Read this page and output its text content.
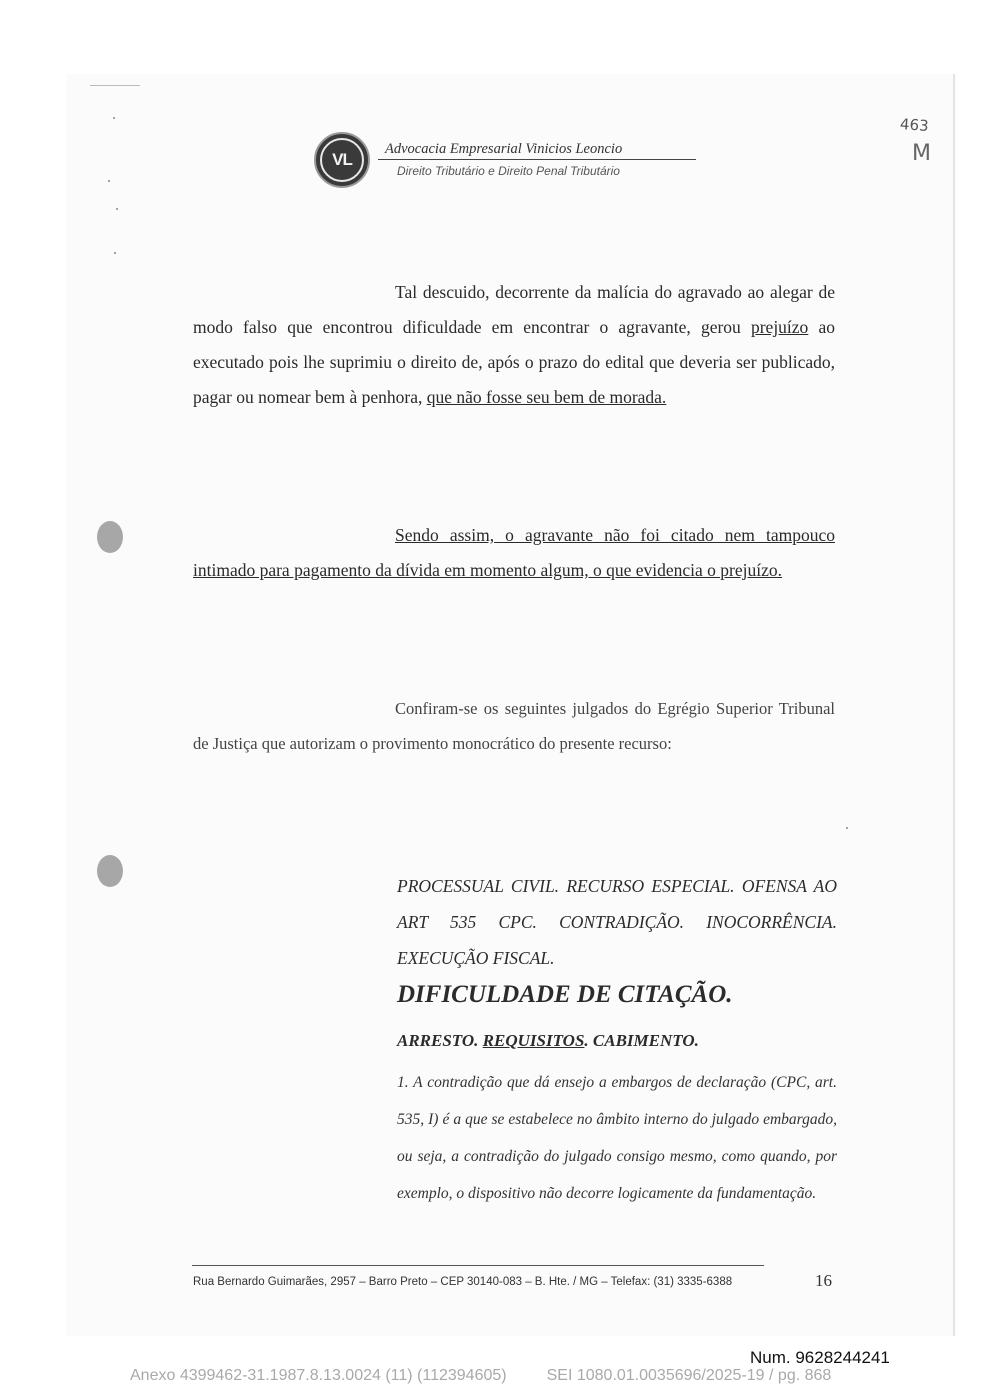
VL
Advocacia Empresarial Vinicios Leoncio
Direito Tributário e Direito Penal Tributário
463
M

Tal descuido, decorrente da malícia do agravado ao alegar de modo falso que encontrou dificuldade em encontrar o agravante, gerou prejuízo ao executado pois lhe suprimiu o direito de, após o prazo do edital que deveria ser publicado, pagar ou nomear bem à penhora, que não fosse seu bem de morada.

Sendo assim, o agravante não foi citado nem tampouco intimado para pagamento da dívida em momento algum, o que evidencia o prejuízo.

Confiram-se os seguintes julgados do Egrégio Superior Tribunal de Justiça que autorizam o provimento monocrático do presente recurso:

PROCESSUAL CIVIL. RECURSO ESPECIAL. OFENSA AO ART 535 CPC. CONTRADIÇÃO. INOCORRÊNCIA. EXECUÇÃO FISCAL.

DIFICULDADE DE CITAÇÃO.

ARRESTO. REQUISITOS. CABIMENTO.

1. A contradição que dá ensejo a embargos de declaração (CPC, art. 535, I) é a que se estabelece no âmbito interno do julgado embargado, ou seja, a contradição do julgado consigo mesmo, como quando, por exemplo, o dispositivo não decorre logicamente da fundamentação.

Rua Bernardo Guimarães, 2957 – Barro Preto – CEP 30140-083 – B. Hte. / MG – Telefax: (31) 3335-6388	16
Num. 9628244241
Anexo 4399462-31.1987.8.13.0024 (11) (112394605)	SEI 1080.01.0035696/2025-19 / pg. 868
